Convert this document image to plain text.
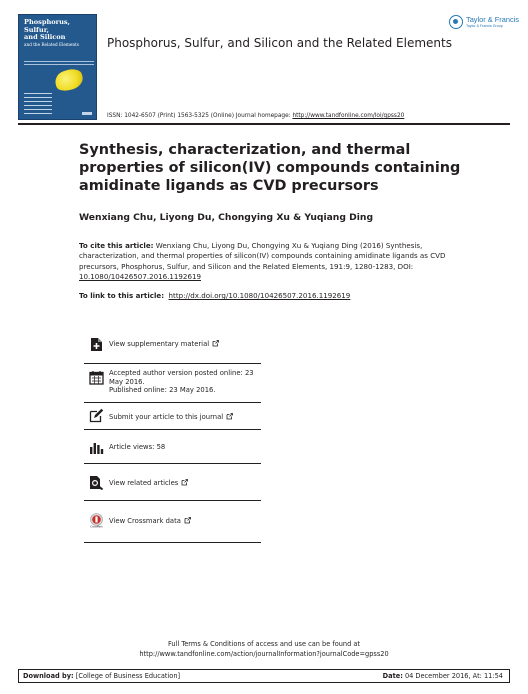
Phosphorus,
Sulfur,
and Silicon
and the Related Elements
Taylor & Francis
Taylor & Francis Group
Phosphorus, Sulfur, and Silicon and the Related Elements
ISSN: 1042-6507 (Print) 1563-5325 (Online) Journal homepage: http://www.tandfonline.com/loi/gpss20
Synthesis, characterization, and thermal
properties of silicon(IV) compounds containing
amidinate ligands as CVD precursors
Wenxiang Chu, Liyong Du, Chongying Xu & Yuqiang Ding
To cite this article: Wenxiang Chu, Liyong Du, Chongying Xu & Yuqiang Ding (2016) Synthesis, characterization, and thermal properties of silicon(IV) compounds containing amidinate ligands as CVD precursors, Phosphorus, Sulfur, and Silicon and the Related Elements, 191:9, 1280-1283, DOI: 10.1080/10426507.2016.1192619
To link to this article: http://dx.doi.org/10.1080/10426507.2016.1192619
View supplementary material
Accepted author version posted online: 23
May 2016.
Published online: 23 May 2016.
Submit your article to this journal
Article views: 58
View related articles
CrossMark
View Crossmark data
Full Terms & Conditions of access and use can be found at
http://www.tandfonline.com/action/journalInformation?journalCode=gpss20
Download by: [College of Business Education]	Date: 04 December 2016, At: 11:54
